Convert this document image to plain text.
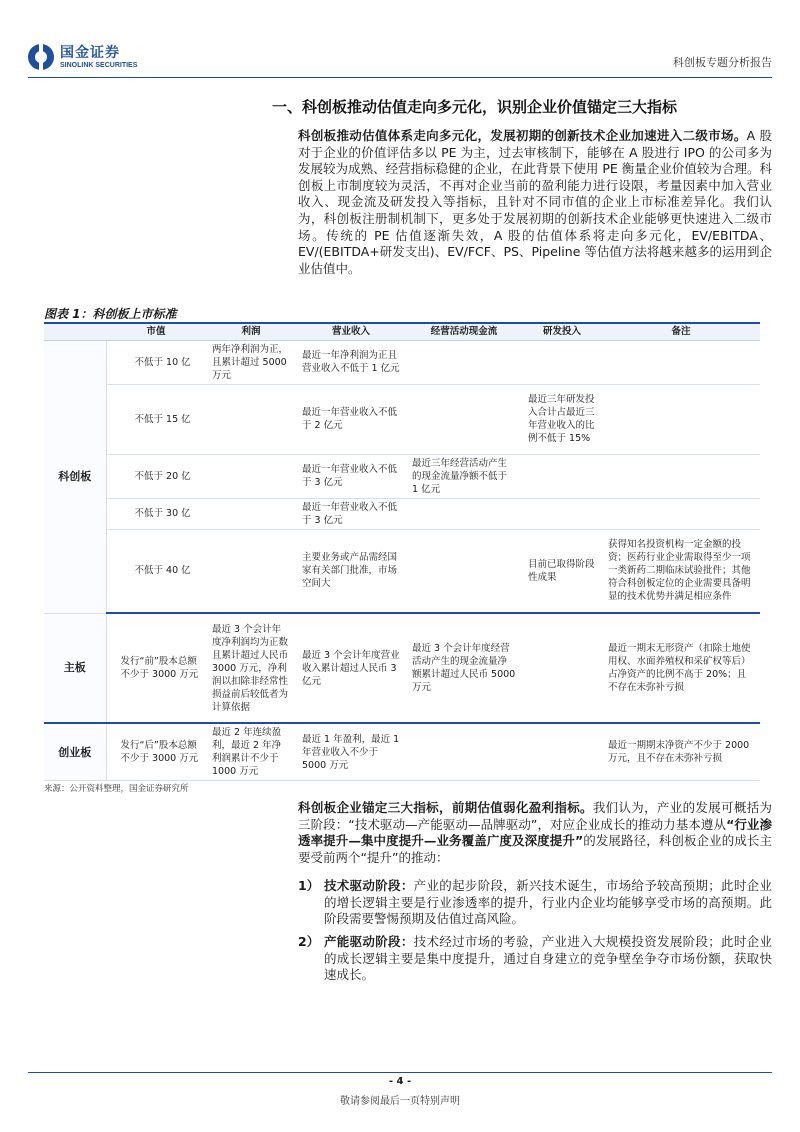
国金证券
SINOLINK SECURITIES	科创板专题分析报告
一、科创板推动估值走向多元化，识别企业价值锚定三大指标
科创板推动估值体系走向多元化，发展初期的创新技术企业加速进入二级市场。A 股对于企业的价值评估多以 PE 为主，过去审核制下，能够在 A 股进行 IPO 的公司多为发展较为成熟、经营指标稳健的企业，在此背景下使用 PE 衡量企业价值较为合理。科创板上市制度较为灵活，不再对企业当前的盈利能力进行设限，考量因素中加入营业收入、现金流及研发投入等指标，且针对不同市值的企业上市标准差异化。我们认为，科创板注册制机制下，更多处于发展初期的创新技术企业能够更快速进入二级市场。传统的 PE 估值逐渐失效，A 股的估值体系将走向多元化，EV/EBITDA、EV/(EBITDA+研发支出)、EV/FCF、PS、Pipeline 等估值方法将越来越多的运用到企业估值中。
图表 1：科创板上市标准
	市值	利润	营业收入	经营活动现金流	研发投入	备注
科创板	不低于 10 亿	两年净利润为正，且累计超过 5000 万元	最近一年净利润为正且营业收入不低于 1 亿元			
	不低于 15 亿		最近一年营业收入不低于 2 亿元		最近三年研发投入合计占最近三年营业收入的比例不低于 15%	
	不低于 20 亿		最近一年营业收入不低于 3 亿元	最近三年经营活动产生的现金流量净额不低于 1 亿元		
	不低于 30 亿		最近一年营业收入不低于 3 亿元			
	不低于 40 亿		主要业务或产品需经国家有关部门批准，市场空间大		目前已取得阶段性成果	获得知名投资机构一定金额的投资；医药行业企业需取得至少一项一类新药二期临床试验批件；其他符合科创板定位的企业需要具备明显的技术优势并满足相应条件
主板	发行“前”股本总额不少于 3000 万元	最近 3 个会计年度净利润均为正数且累计超过人民币 3000 万元，净利润以扣除非经常性损益前后较低者为计算依据	最近 3 个会计年度营业收入累计超过人民币 3 亿元	最近 3 个会计年度经营活动产生的现金流量净额累计超过人民币 5000 万元		最近一期末无形资产（扣除土地使用权、水面养殖权和采矿权等后）占净资产的比例不高于 20%；且不存在未弥补亏损
创业板	发行“后”股本总额不少于 3000 万元	最近 2 年连续盈利，最近 2 年净利润累计不少于 1000 万元	最近 1 年盈利，最近 1 年营业收入不少于 5000 万元			最近一期期末净资产不少于 2000 万元，且不存在未弥补亏损
来源：公开资料整理，国金证券研究所
科创板企业锚定三大指标，前期估值弱化盈利指标。我们认为，产业的发展可概括为三阶段：“技术驱动—产能驱动—品牌驱动”，对应企业成长的推动力基本遵从“行业渗透率提升—集中度提升—业务覆盖广度及深度提升”的发展路径，科创板企业的成长主要受前两个“提升”的推动：
1） 技术驱动阶段：产业的起步阶段，新兴技术诞生，市场给予较高预期；此时企业的增长逻辑主要是行业渗透率的提升，行业内企业均能够享受市场的高预期。此阶段需要警惕预期及估值过高风险。
2） 产能驱动阶段：技术经过市场的考验，产业进入大规模投资发展阶段；此时企业的成长逻辑主要是集中度提升，通过自身建立的竞争壁垒争夺市场份额，获取快速成长。
- 4 -
敬请参阅最后一页特别声明
